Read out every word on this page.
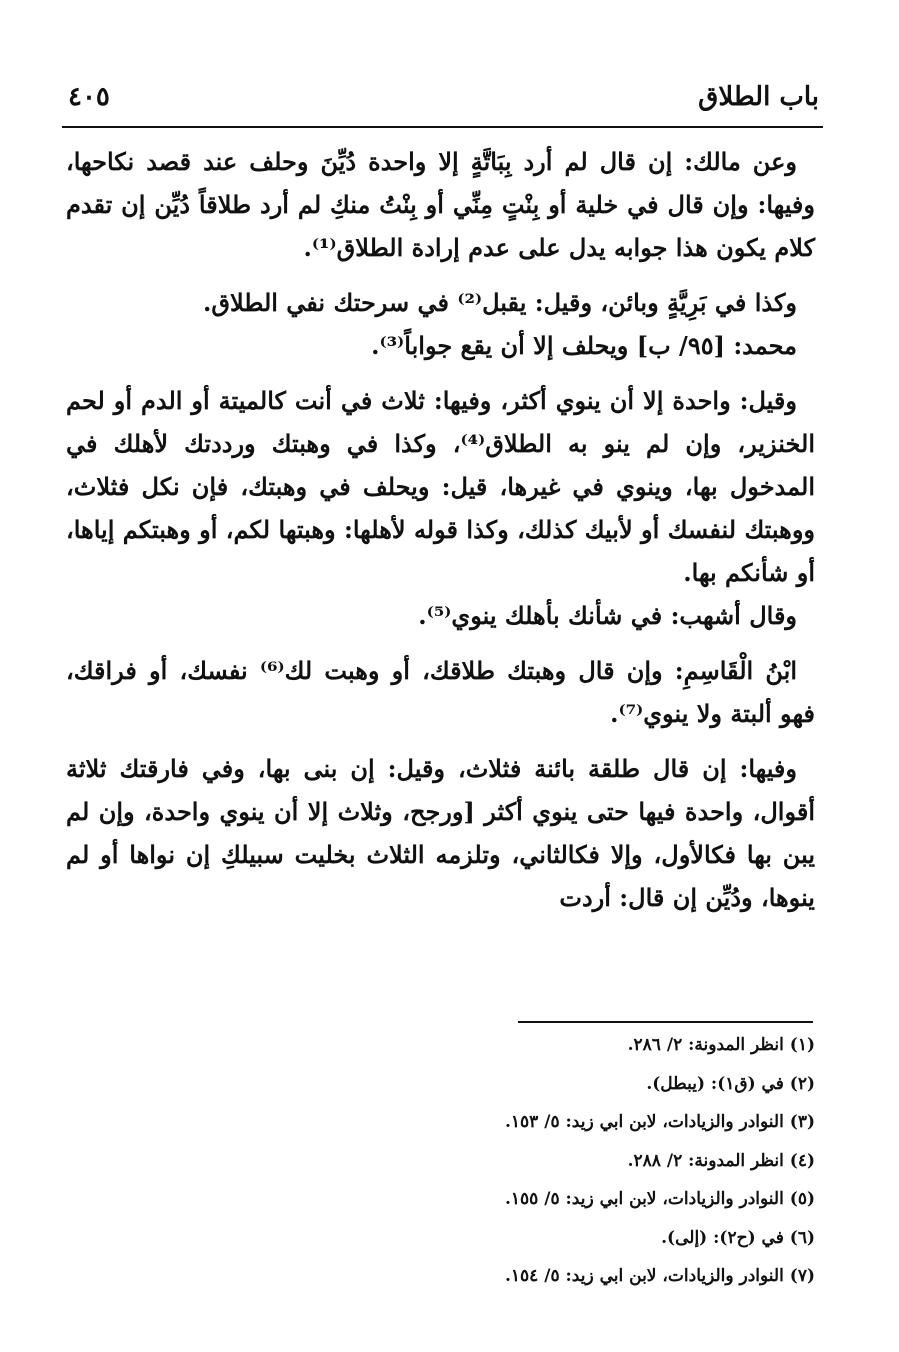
باب الطلاق
٤٠٥

وعن مالك: إن قال لم أرد بِبَاتَّةٍ إلا واحدة دُيِّنَ وحلف عند قصد نكاحها، وفيها: وإن قال في خلية أو بِنْتٍ مِنِّي أو بِنْتُ منكِ لم أرد طلاقاً دُيِّن إن تقدم كلام يكون هذا جوابه يدل على عدم إرادة الطلاق⁽¹⁾.

وكذا في بَرِيَّةٍ وبائن، وقيل: يقبل⁽²⁾ في سرحتك نفي الطلاق.

محمد: [٩٥/ ب] ويحلف إلا أن يقع جواباً⁽³⁾.

وقيل: واحدة إلا أن ينوي أكثر، وفيها: ثلاث في أنت كالميتة أو الدم أو لحم الخنزير، وإن لم ينو به الطلاق⁽⁴⁾، وكذا في وهبتك ورددتك لأهلك في المدخول بها، وينوي في غيرها، قيل: ويحلف في وهبتك، فإن نكل فثلاث، ووهبتك لنفسك أو لأبيك كذلك، وكذا قوله لأهلها: وهبتها لكم، أو وهبتكم إياها، أو شأنكم بها.

وقال أشهب: في شأنك بأهلك ينوي⁽⁵⁾.

ابْنُ الْقَاسِمِ: وإن قال وهبتك طلاقك، أو وهبت لك⁽⁶⁾ نفسك، أو فراقك، فهو ألبتة ولا ينوي⁽⁷⁾.

وفيها: إن قال طلقة بائنة فثلاث، وقيل: إن بنى بها، وفي فارقتك ثلاثة أقوال، واحدة فيها حتى ينوي أكثر [ورجح، وثلاث إلا أن ينوي واحدة، وإن لم يبن بها فكالأول، وإلا فكالثاني، وتلزمه الثلاث بخليت سبيلكِ إن نواها أو لم ينوها، ودُيِّن إن قال: أردت

(١) انظر المدونة: ٢/ ٢٨٦.
(٢) في (ق١): (يبطل).
(٣) النوادر والزيادات، لابن ابي زيد: ٥/ ١٥٣.
(٤) انظر المدونة: ٢/ ٢٨٨.
(٥) النوادر والزيادات، لابن ابي زيد: ٥/ ١٥٥.
(٦) في (ح٢): (إلى).
(٧) النوادر والزيادات، لابن ابي زيد: ٥/ ١٥٤.
